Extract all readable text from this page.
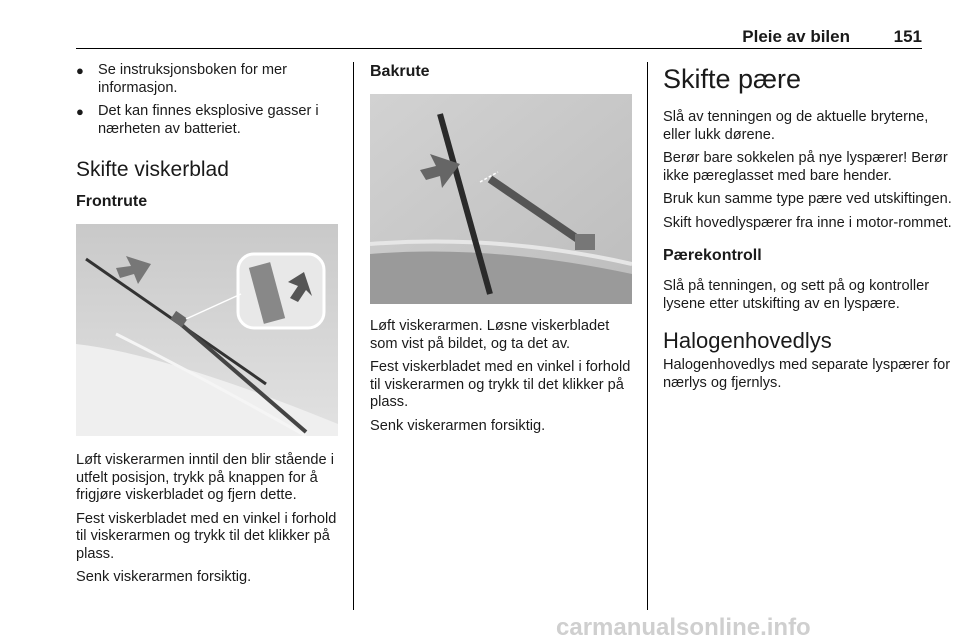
Pleie av bilen	151
● Se instruksjonsboken for mer informasjon.
● Det kan finnes eksplosive gasser i nærheten av batteriet.
Skifte viskerblad
Frontrute

Løft viskerarmen inntil den blir stående i utfelt posisjon, trykk på knappen for å frigjøre viskerbladet og fjern dette.

Fest viskerbladet med en vinkel i forhold til viskerarmen og trykk til det klikker på plass.

Senk viskerarmen forsiktig.

Bakrute

Løft viskerarmen. Løsne viskerbladet som vist på bildet, og ta det av.

Fest viskerbladet med en vinkel i forhold til viskerarmen og trykk til det klikker på plass.

Senk viskerarmen forsiktig.

Skifte pære

Slå av tenningen og de aktuelle bryterne, eller lukk dørene.

Berør bare sokkelen på nye lyspærer! Berør ikke pæreglasset med bare hender.

Bruk kun samme type pære ved utskiftingen.

Skift hovedlyspærer fra inne i motor-rommet.

Pærekontroll

Slå på tenningen, og sett på og kontroller lysene etter utskifting av en lyspære.

Halogenhovedlys

Halogenhovedlys med separate lyspærer for nærlys og fjernlys.

carmanualsonline.info
